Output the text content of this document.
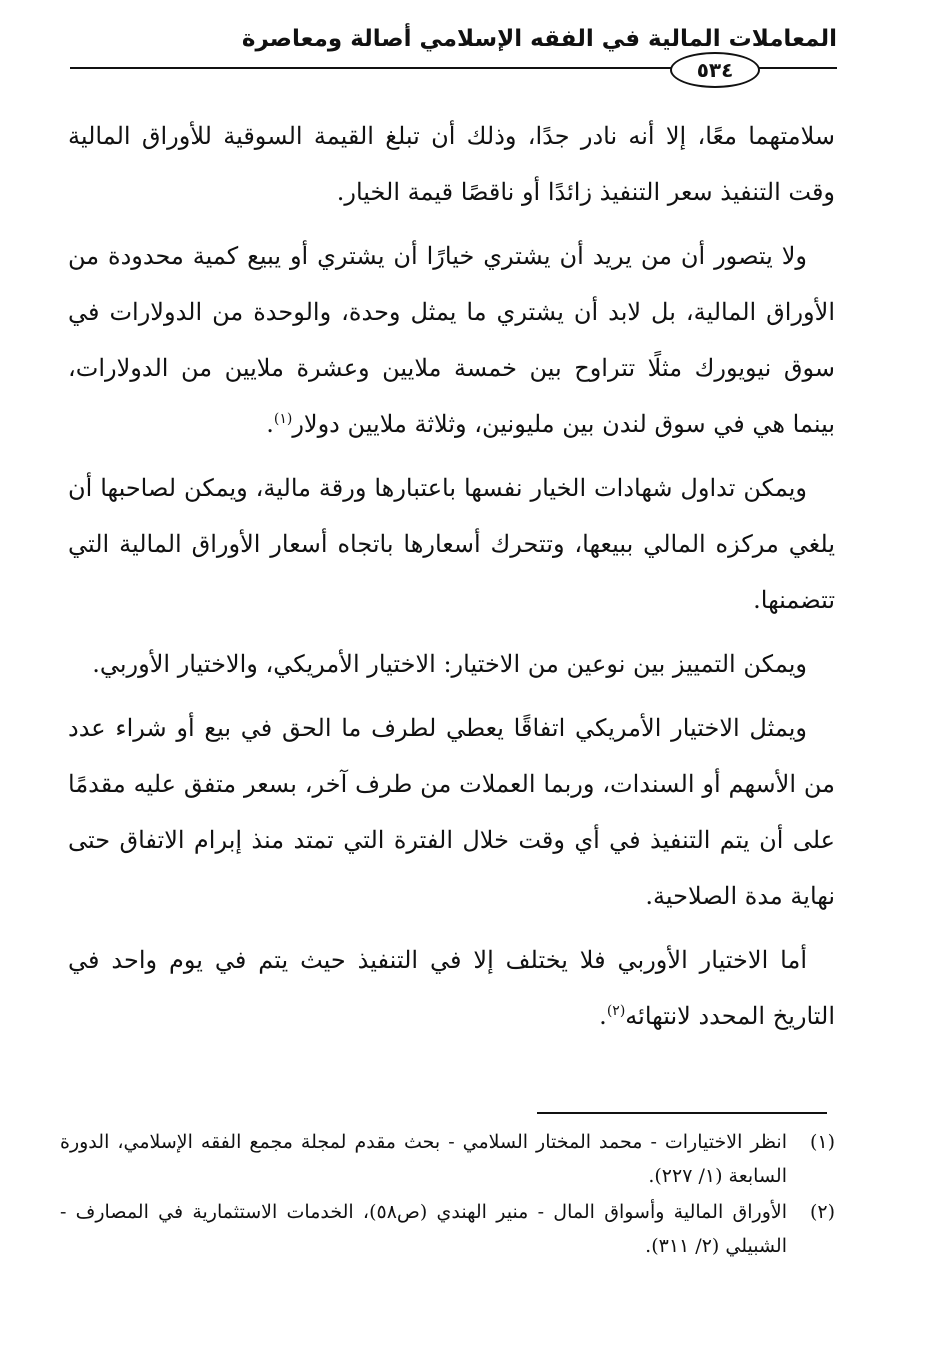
المعاملات المالية في الفقه الإسلامي أصالة ومعاصرة
٥٣٤

سلامتهما معًا، إلا أنه نادر جدًا، وذلك أن تبلغ القيمة السوقية للأوراق المالية وقت التنفيذ سعر التنفيذ زائدًا أو ناقصًا قيمة الخيار.

ولا يتصور أن من يريد أن يشتري خيارًا أن يشتري أو يبيع كمية محدودة من الأوراق المالية، بل لابد أن يشتري ما يمثل وحدة، والوحدة من الدولارات في سوق نيويورك مثلًا تتراوح بين خمسة ملايين وعشرة ملايين من الدولارات، بينما هي في سوق لندن بين مليونين، وثلاثة ملايين دولار$^{(١)}$.

ويمكن تداول شهادات الخيار نفسها باعتبارها ورقة مالية، ويمكن لصاحبها أن يلغي مركزه المالي ببيعها، وتتحرك أسعارها باتجاه أسعار الأوراق المالية التي تتضمنها.

ويمكن التمييز بين نوعين من الاختيار: الاختيار الأمريكي، والاختيار الأوربي.

ويمثل الاختيار الأمريكي اتفاقًا يعطي لطرف ما الحق في بيع أو شراء عدد من الأسهم أو السندات، وربما العملات من طرف آخر، بسعر متفق عليه مقدمًا على أن يتم التنفيذ في أي وقت خلال الفترة التي تمتد منذ إبرام الاتفاق حتى نهاية مدة الصلاحية.

أما الاختيار الأوربي فلا يختلف إلا في التنفيذ حيث يتم في يوم واحد في التاريخ المحدد لانتهائه$^{(٢)}$.

(١)
انظر الاختيارات - محمد المختار السلامي - بحث مقدم لمجلة مجمع الفقه الإسلامي، الدورة السابعة (١/ ٢٢٧).
(٢)
الأوراق المالية وأسواق المال - منير الهندي (ص٥٨)، الخدمات الاستثمارية في المصارف - الشبيلي (٢/ ٣١١).
